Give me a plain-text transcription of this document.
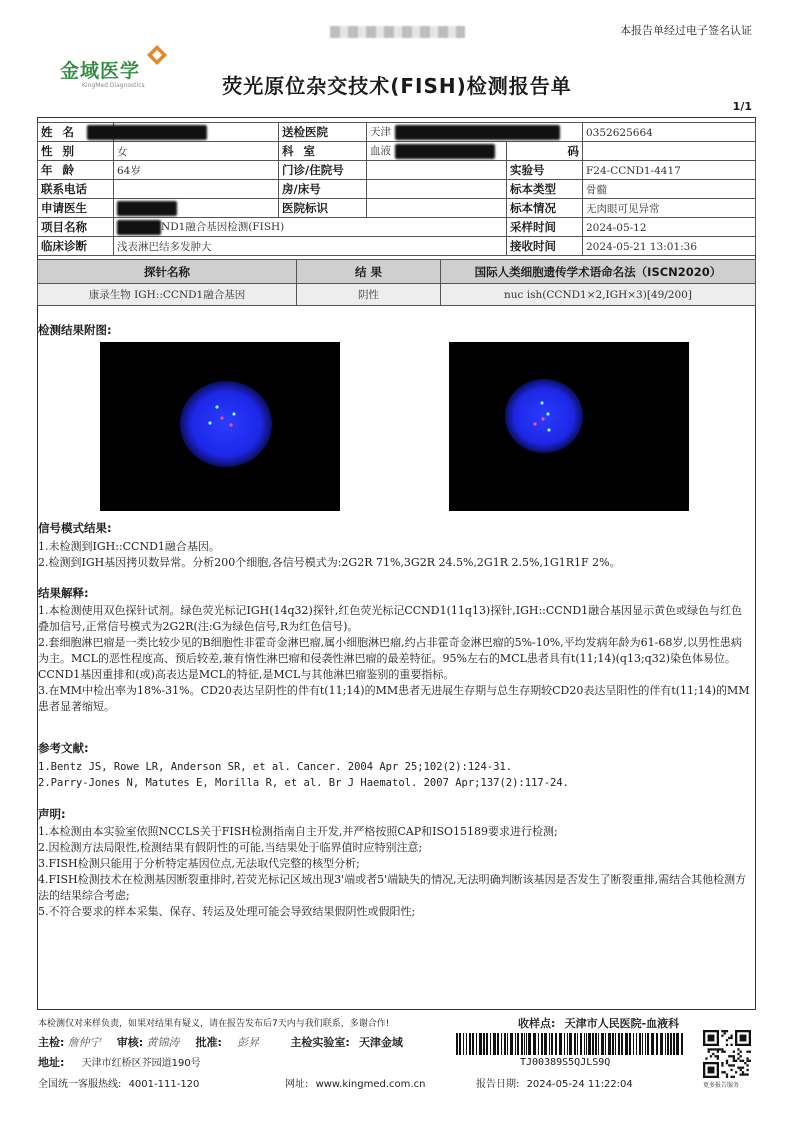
本报告单经过电子签名认证
金域医学
KingMed Diagnostics	荧光原位杂交技术(FISH)检测报告单
1/1
姓 名		送检医院	天津		0352625664
性 别	女	科 室	血液	码	
年 龄	64岁	门诊/住院号		实验号	F24-CCND1-4417
联系电话		房/床号		标本类型	骨髓
申请医生		医院标识		标本情况	无肉眼可见异常
项目名称	ND1融合基因检测(FISH)			采样时间	2024-05-12
临床诊断	浅表淋巴结多发肿大			接收时间	2024-05-21 13:01:36
探针名称	结 果	国际人类细胞遗传学术语命名法（ISCN2020）
康录生物 IGH::CCND1融合基因	阴性	nuc ish(CCND1×2,IGH×3)[49/200]
检测结果附图:
信号模式结果:

1.未检测到IGH::CCND1融合基因。

2.检测到IGH基因拷贝数异常。分析200个细胞,各信号模式为:2G2R 71%,3G2R 24.5%,2G1R 2.5%,1G1R1F 2%。

结果解释:

1.本检测使用双色探针试剂。绿色荧光标记IGH(14q32)探针,红色荧光标记CCND1(11q13)探针,IGH::CCND1融合基因显示黄色或绿色与红色叠加信号,正常信号模式为2G2R(注:G为绿色信号,R为红色信号)。

2.套细胞淋巴瘤是一类比较少见的B细胞性非霍奇金淋巴瘤,属小细胞淋巴瘤,约占非霍奇金淋巴瘤的5%-10%,平均发病年龄为61-68岁,以男性患病为主。MCL的恶性程度高、预后较差,兼有惰性淋巴瘤和侵袭性淋巴瘤的最差特征。95%左右的MCL患者具有t(11;14)(q13;q32)染色体易位。CCND1基因重排和(或)高表达是MCL的特征,是MCL与其他淋巴瘤鉴别的重要指标。

3.在MM中检出率为18%-31%。CD20表达呈阴性的伴有t(11;14)的MM患者无进展生存期与总生存期较CD20表达呈阳性的伴有t(11;14)的MM患者显著缩短。

参考文献:

1.Bentz JS, Rowe LR, Anderson SR, et al. Cancer. 2004 Apr 25;102(2):124-31.

2.Parry-Jones N, Matutes E, Morilla R, et al. Br J Haematol. 2007 Apr;137(2):117-24.

声明:

1.本检测由本实验室依照NCCLS关于FISH检测指南自主开发,并严格按照CAP和ISO15189要求进行检测;

2.因检测方法局限性,检测结果有假阴性的可能,当结果处于临界值时应特别注意;

3.FISH检测只能用于分析特定基因位点,无法取代完整的核型分析;

4.FISH检测技术在检测基因断裂重排时,若荧光标记区域出现3'端或者5'端缺失的情况,无法明确判断该基因是否发生了断裂重排,需结合其他检测方法的结果综合考虑;

5.不符合要求的样本采集、保存、转运及处理可能会导致结果假阴性或假阳性;

本检测仅对来样负责，如果对结果有疑义，请在报告发布后7天内与我们联系，多谢合作!	收样点: 天津市人民医院-血液科
主检: 詹仲宁 审核: 黄锦涛 批准: 彭昇	主检实验室: 天津金域
地址: 天津市红桥区芥园道190号
全国统一客服热线: 4001-111-120	网址: www.kingmed.com.cn	报告日期: 2024-05-24 11:22:04
TJ00389S5QJLS9Q
更多报告服务
